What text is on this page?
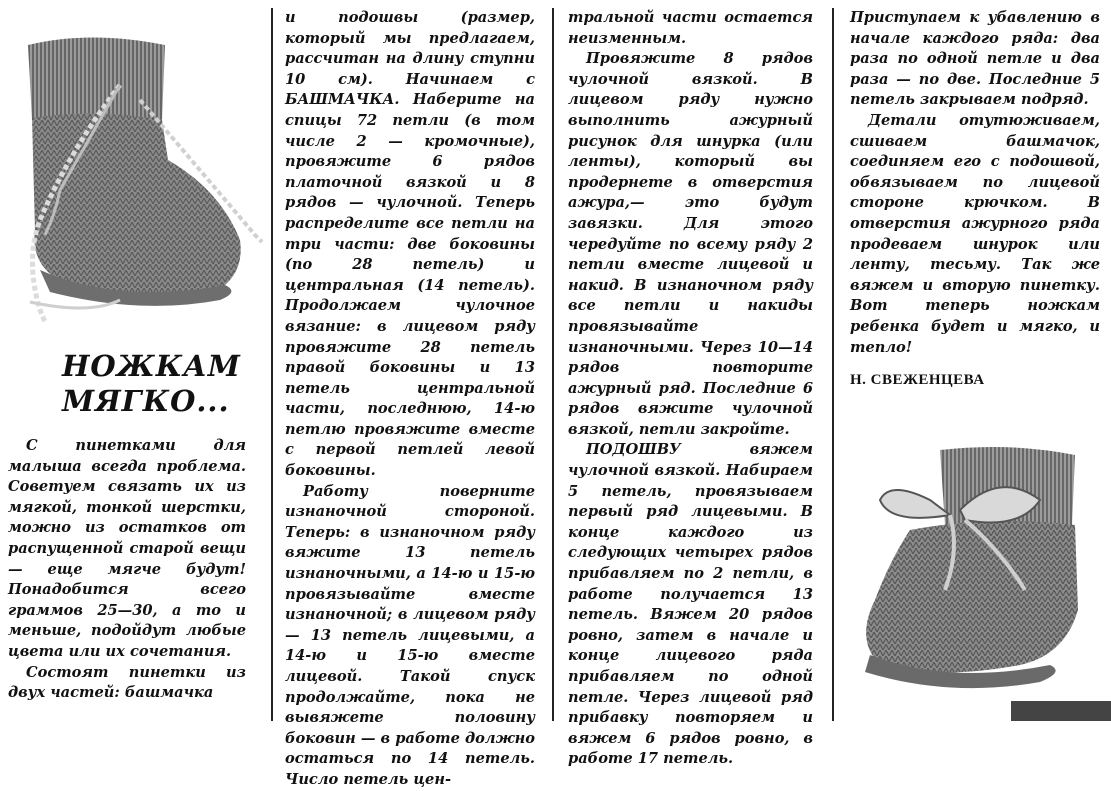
НОЖКАМ
МЯГКО...

С пинетками для малыша всегда проблема. Советуем связать их из мягкой, тонкой шерстки, можно из остатков от распущенной старой вещи — еще мягче будут! Понадобится всего граммов 25—30, а то и меньше, подойдут любые цвета или их сочетания.

Состоят пинетки из двух частей: башмачка

и подошвы (размер, который мы предлагаем, рассчитан на длину ступни 10 см). Начинаем с БАШМАЧКА. Наберите на спицы 72 петли (в том числе 2 — кромочные), провяжите 6 рядов платочной вязкой и 8 рядов — чулочной. Теперь распределите все петли на три части: две боковины (по 28 петель) и центральная (14 петель). Продолжаем чулочное вязание: в лицевом ряду провяжите 28 петель правой боковины и 13 петель центральной части, последнюю, 14-ю петлю провяжите вместе с первой петлей левой боковины.

Работу поверните изнаночной стороной. Теперь: в изнаночном ряду вяжите 13 петель изнаночными, а 14-ю и 15-ю провязывайте вместе изнаночной; в лицевом ряду — 13 петель лицевыми, а 14-ю и 15-ю вместе лицевой. Такой спуск продолжайте, пока не вывяжете половину боковин — в работе должно остаться по 14 петель. Число петель цен-

тральной части остается неизменным.

Провяжите 8 рядов чулочной вязкой. В лицевом ряду нужно выполнить ажурный рисунок для шнурка (или ленты), который вы продернете в отверстия ажура,— это будут завязки. Для этого чередуйте по всему ряду 2 петли вместе лицевой и накид. В изнаночном ряду все петли и накиды провязывайте изнаночными. Через 10—14 рядов повторите ажурный ряд. Последние 6 рядов вяжите чулочной вязкой, петли закройте.

ПОДОШВУ вяжем чулочной вязкой. Набираем 5 петель, провязываем первый ряд лицевыми. В конце каждого из следующих четырех рядов прибавляем по 2 петли, в работе получается 13 петель. Вяжем 20 рядов ровно, затем в начале и конце лицевого ряда прибавляем по одной петле. Через лицевой ряд прибавку повторяем и вяжем 6 рядов ровно, в работе 17 петель.

Приступаем к убавлению в начале каждого ряда: два раза по одной петле и два раза — по две. Последние 5 петель закрываем подряд.

Детали отутюживаем, сшиваем башмачок, соединяем его с подошвой, обвязываем по лицевой стороне крючком. В отверстия ажурного ряда продеваем шнурок или ленту, тесьму. Так же вяжем и вторую пинетку. Вот теперь ножкам ребенка будет и мягко, и тепло!

Н. СВЕЖЕНЦЕВА
